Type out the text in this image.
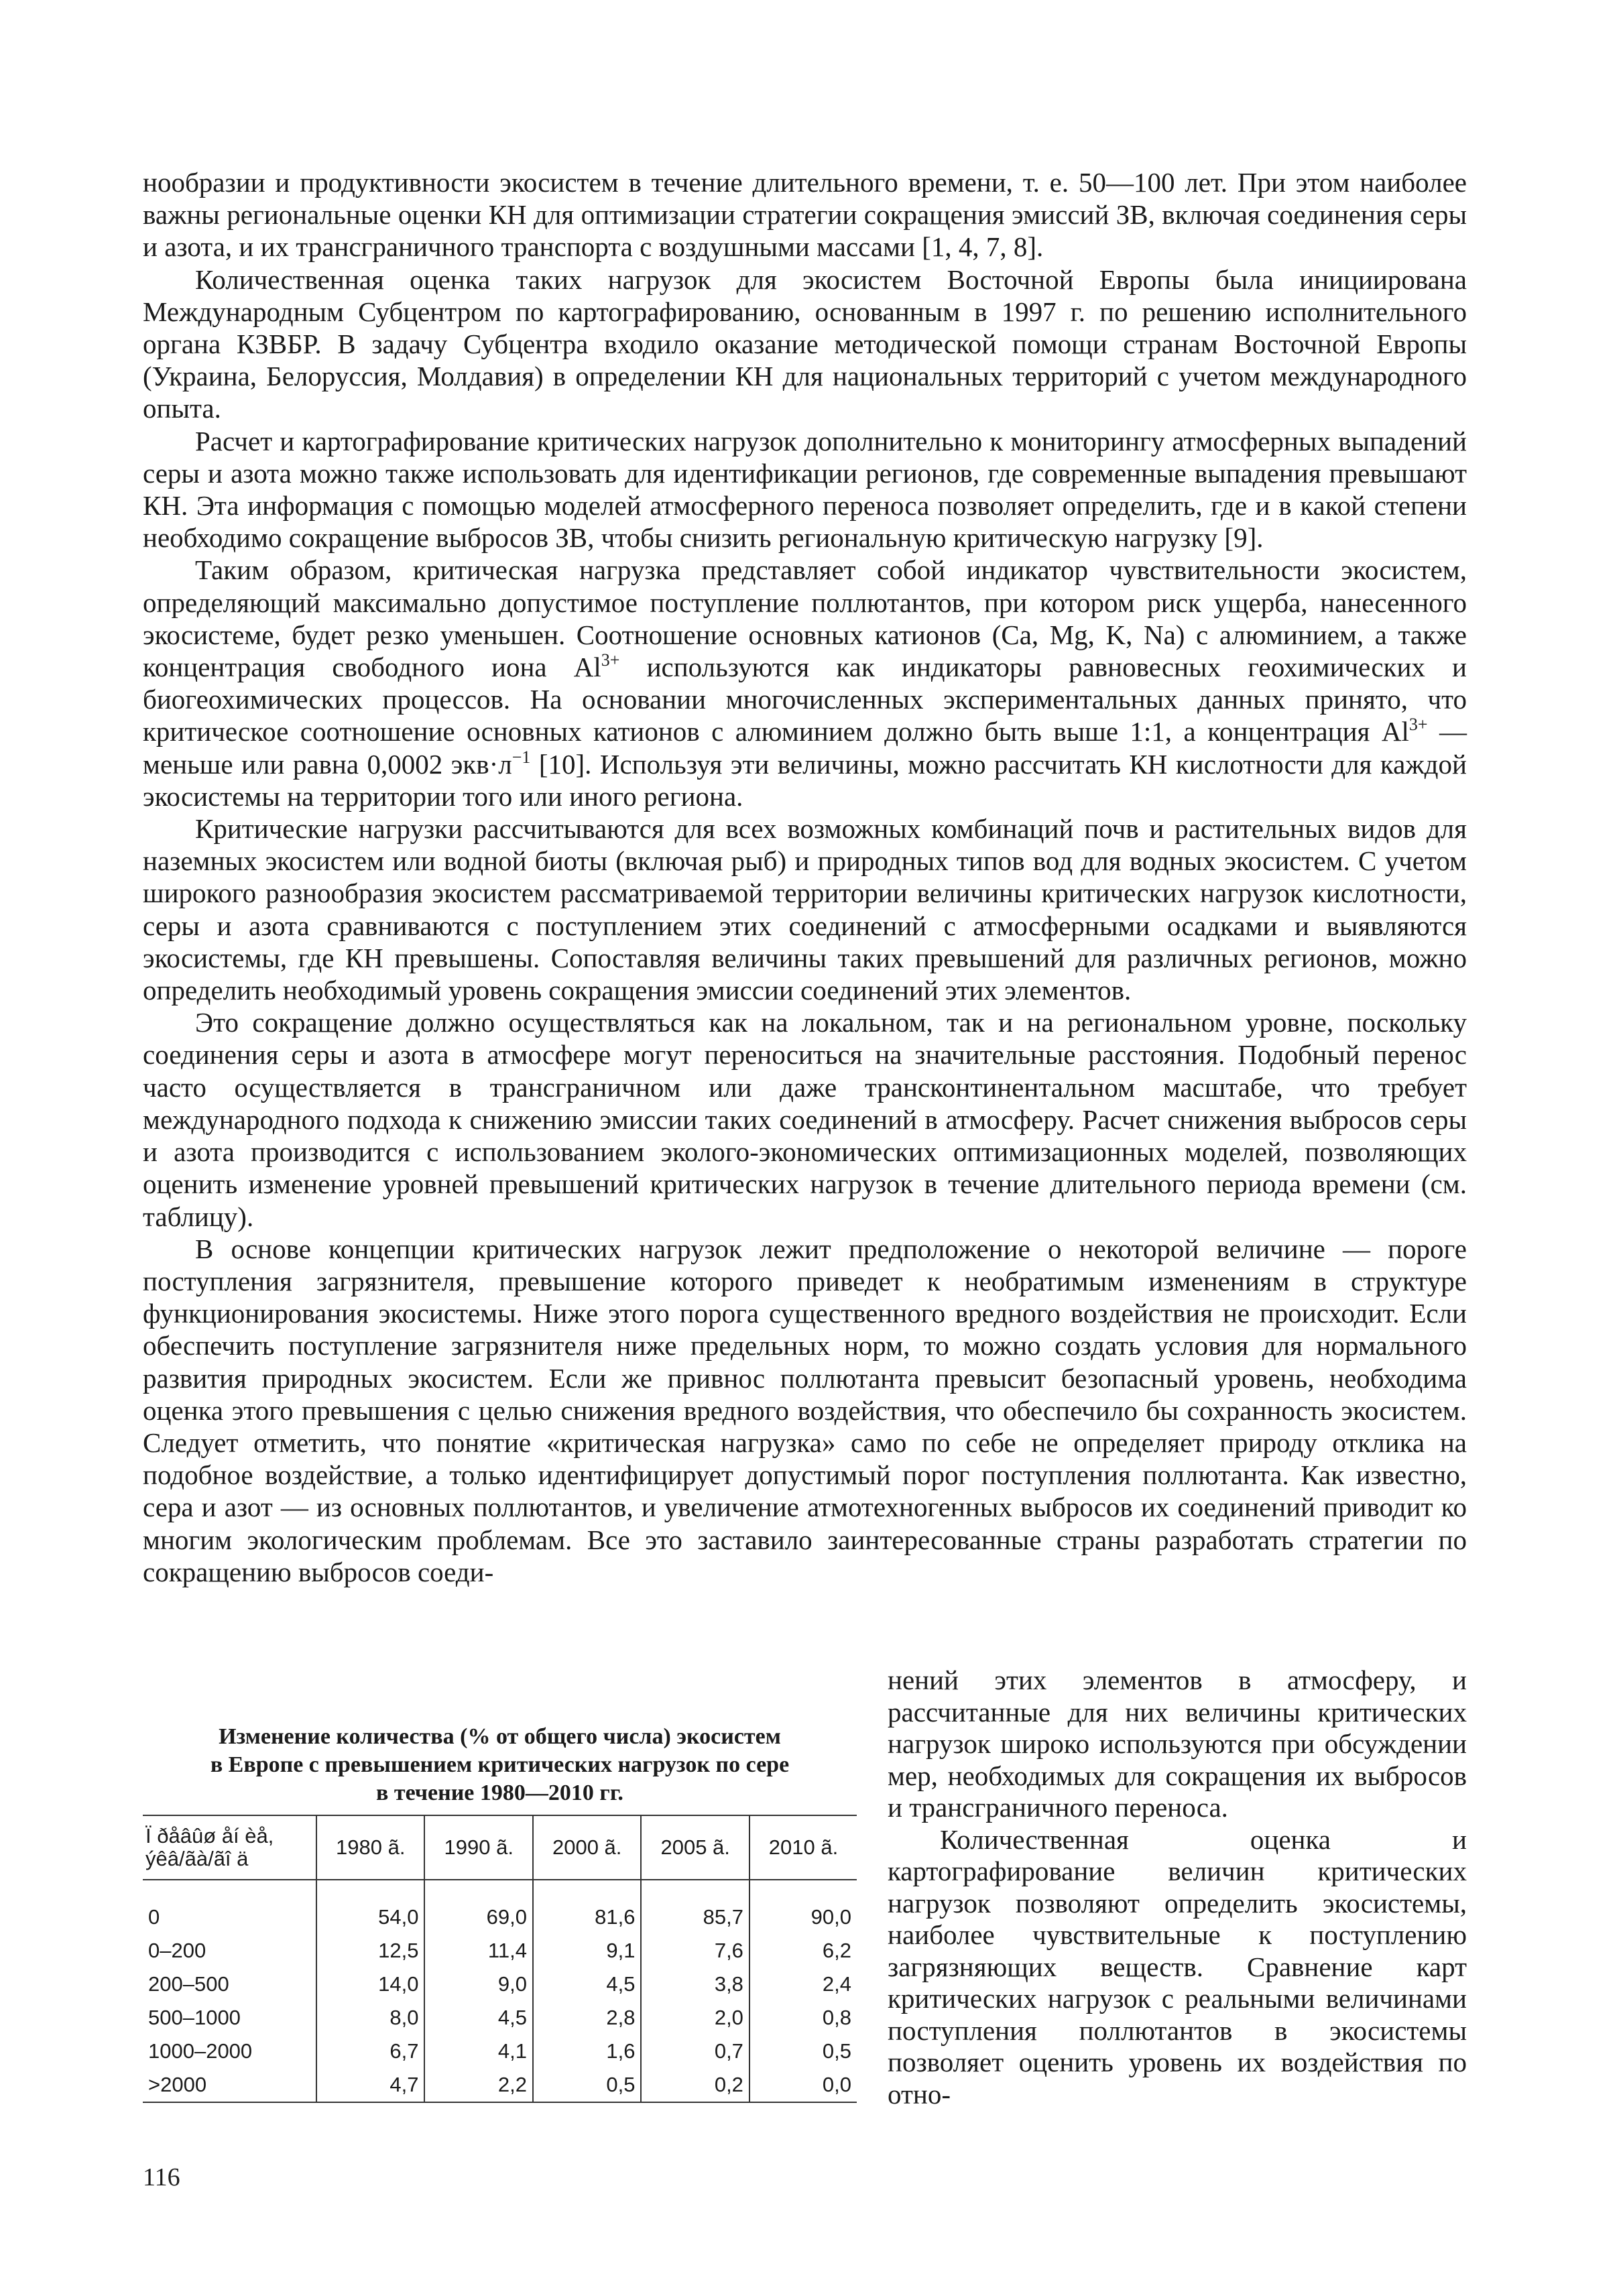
нообразии и продуктивности экосистем в течение длительного времени, т. е. 50—100 лет. При этом наиболее важны региональные оценки КН для оптимизации стратегии сокращения эмиссий ЗВ, включая соединения серы и азота, и их трансграничного транспорта с воздушными массами [1, 4, 7, 8].

Количественная оценка таких нагрузок для экосистем Восточной Европы была инициирована Международным Субцентром по картографированию, основанным в 1997 г. по решению исполнительного органа КЗВБР. В задачу Субцентра входило оказание методической помощи странам Восточной Европы (Украина, Белоруссия, Молдавия) в определении КН для национальных территорий с учетом международного опыта.

Расчет и картографирование критических нагрузок дополнительно к мониторингу атмосферных выпадений серы и азота можно также использовать для идентификации регионов, где современные выпадения превышают КН. Эта информация с помощью моделей атмосферного переноса позволяет определить, где и в какой степени необходимо сокращение выбросов ЗВ, чтобы снизить региональную критическую нагрузку [9].

Таким образом, критическая нагрузка представляет собой индикатор чувствительности экосистем, определяющий максимально допустимое поступление поллютантов, при котором риск ущерба, нанесенного экосистеме, будет резко уменьшен. Соотношение основных катионов (Ca, Mg, K, Na) с алюминием, а также концентрация свободного иона $Al^{3+}$ используются как индикаторы равновесных геохимических и биогеохимических процессов. На основании многочисленных экспериментальных данных принято, что критическое соотношение основных катионов с алюминием должно быть выше 1:1, а концентрация $Al^{3+}$ — меньше или равна 0,0002 $экв\cdot л^{-1}$ [10]. Используя эти величины, можно рассчитать КН кислотности для каждой экосистемы на территории того или иного региона.

Критические нагрузки рассчитываются для всех возможных комбинаций почв и растительных видов для наземных экосистем или водной биоты (включая рыб) и природных типов вод для водных экосистем. С учетом широкого разнообразия экосистем рассматриваемой территории величины критических нагрузок кислотности, серы и азота сравниваются с поступлением этих соединений с атмосферными осадками и выявляются экосистемы, где КН превышены. Сопоставляя величины таких превышений для различных регионов, можно определить необходимый уровень сокращения эмиссии соединений этих элементов.

Это сокращение должно осуществляться как на локальном, так и на региональном уровне, поскольку соединения серы и азота в атмосфере могут переноситься на значительные расстояния. Подобный перенос часто осуществляется в трансграничном или даже трансконтинентальном масштабе, что требует международного подхода к снижению эмиссии таких соединений в атмосферу. Расчет снижения выбросов серы и азота производится с использованием эколого-экономических оптимизационных моделей, позволяющих оценить изменение уровней превышений критических нагрузок в течение длительного периода времени (см. таблицу).

В основе концепции критических нагрузок лежит предположение о некоторой величине — пороге поступления загрязнителя, превышение которого приведет к необратимым изменениям в структуре функционирования экосистемы. Ниже этого порога существенного вредного воздействия не происходит. Если обеспечить поступление загрязнителя ниже предельных норм, то можно создать условия для нормального развития природных экосистем. Если же привнос поллютанта превысит безопасный уровень, необходима оценка этого превышения с целью снижения вредного воздействия, что обеспечило бы сохранность экосистем. Следует отметить, что понятие «критическая нагрузка» само по себе не определяет природу отклика на подобное воздействие, а только идентифицирует допустимый порог поступления поллютанта. Как известно, сера и азот — из основных поллютантов, и увеличение атмотехногенных выбросов их соединений приводит ко многим экологическим проблемам. Все это заставило заинтересованные страны разработать стратегии по сокращению выбросов соеди-

Изменение количества (% от общего числа) экосистем
в Европе с превышением критических нагрузок по сере
в течение 1980—2010 гг.
Ï ðåâûø åí èå, ýêâ/ãà/ãî ä	1980 ã.	1990 ã.	2000 ã.	2005 ã.	2010 ã.
0	54,0	69,0	81,6	85,7	90,0
0–200	12,5	11,4	9,1	7,6	6,2
200–500	14,0	9,0	4,5	3,8	2,4
500–1000	8,0	4,5	2,8	2,0	0,8
1000–2000	6,7	4,1	1,6	0,7	0,5
>2000	4,7	2,2	0,5	0,2	0,0

нений этих элементов в атмосферу, и рассчитанные для них величины критических нагрузок широко используются при обсуждении мер, необходимых для сокращения их выбросов и трансграничного переноса.

Количественная оценка и картографирование величин критических нагрузок позволяют определить экосистемы, наиболее чувствительные к поступлению загрязняющих веществ. Сравнение карт критических нагрузок с реальными величинами поступления поллютантов в экосистемы позволяет оценить уровень их воздействия по отно-

116
